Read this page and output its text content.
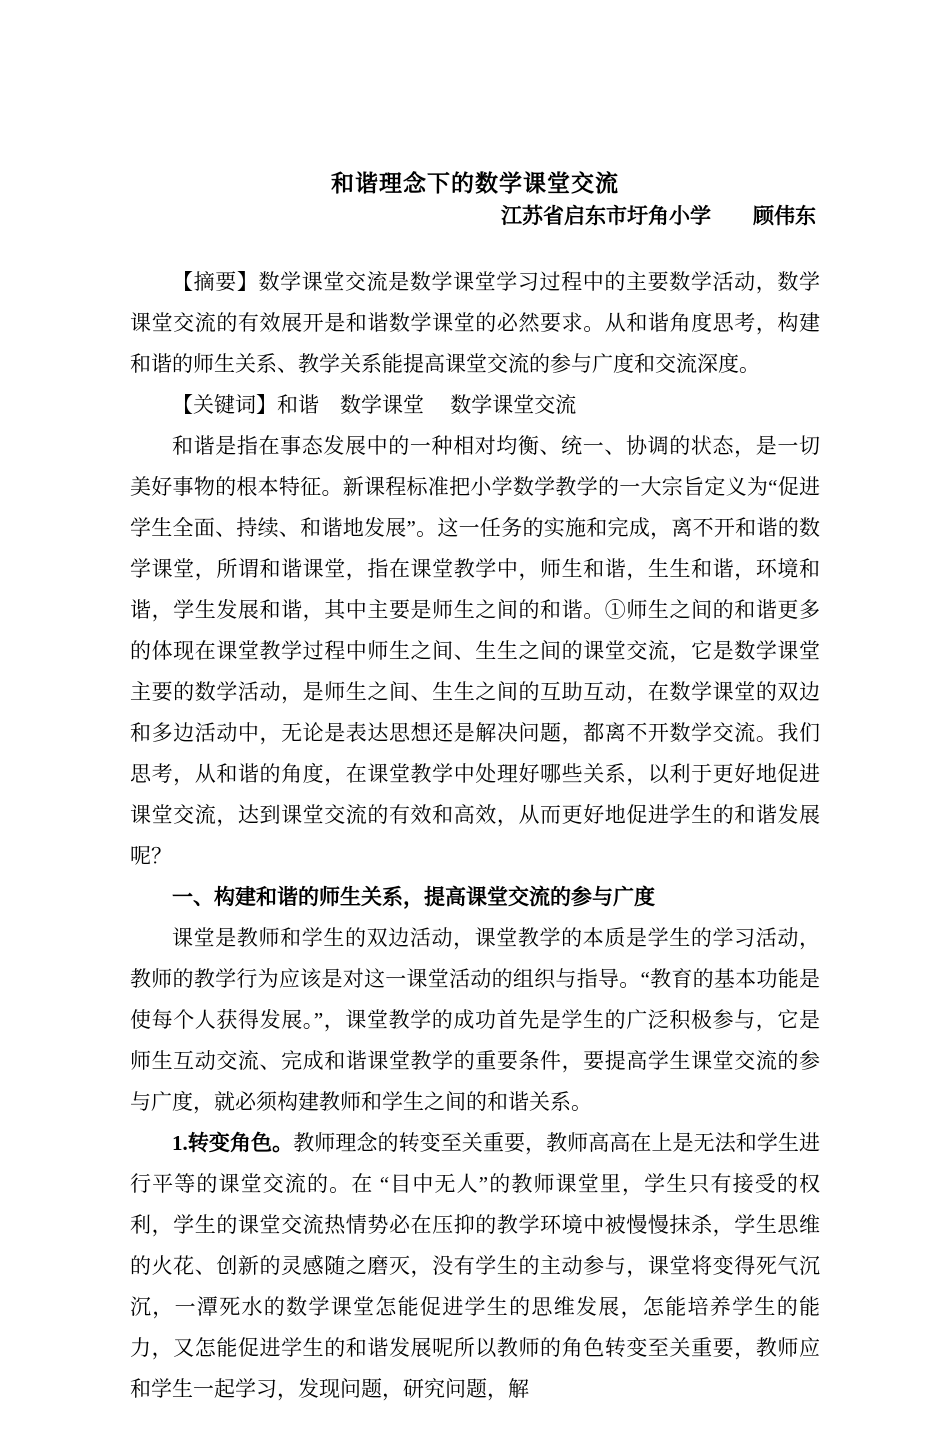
和谐理念下的数学课堂交流

江苏省启东市圩角小学　　顾伟东

【摘要】数学课堂交流是数学课堂学习过程中的主要数学活动，数学课堂交流的有效展开是和谐数学课堂的必然要求。从和谐角度思考，构建和谐的师生关系、教学关系能提高课堂交流的参与广度和交流深度。

【关键词】和谐　数学课堂　 数学课堂交流

和谐是指在事态发展中的一种相对均衡、统一、协调的状态，是一切美好事物的根本特征。新课程标准把小学数学教学的一大宗旨定义为“促进学生全面、持续、和谐地发展”。这一任务的实施和完成，离不开和谐的数学课堂，所谓和谐课堂，指在课堂教学中，师生和谐，生生和谐，环境和谐，学生发展和谐，其中主要是师生之间的和谐。①师生之间的和谐更多的体现在课堂教学过程中师生之间、生生之间的课堂交流，它是数学课堂主要的数学活动，是师生之间、生生之间的互助互动，在数学课堂的双边和多边活动中，无论是表达思想还是解决问题，都离不开数学交流。我们思考，从和谐的角度，在课堂教学中处理好哪些关系，以利于更好地促进课堂交流，达到课堂交流的有效和高效，从而更好地促进学生的和谐发展呢？

一、构建和谐的师生关系，提高课堂交流的参与广度

课堂是教师和学生的双边活动，课堂教学的本质是学生的学习活动，教师的教学行为应该是对这一课堂活动的组织与指导。“教育的基本功能是使每个人获得发展。”，课堂教学的成功首先是学生的广泛积极参与，它是师生互动交流、完成和谐课堂教学的重要条件，要提高学生课堂交流的参与广度，就必须构建教师和学生之间的和谐关系。

1.转变角色。教师理念的转变至关重要，教师高高在上是无法和学生进行平等的课堂交流的。在 “目中无人”的教师课堂里，学生只有接受的权利，学生的课堂交流热情势必在压抑的教学环境中被慢慢抹杀，学生思维的火花、创新的灵感随之磨灭，没有学生的主动参与，课堂将变得死气沉沉，一潭死水的数学课堂怎能促进学生的思维发展，怎能培养学生的能力，又怎能促进学生的和谐发展呢所以教师的角色转变至关重要，教师应和学生一起学习，发现问题，研究问题，解
